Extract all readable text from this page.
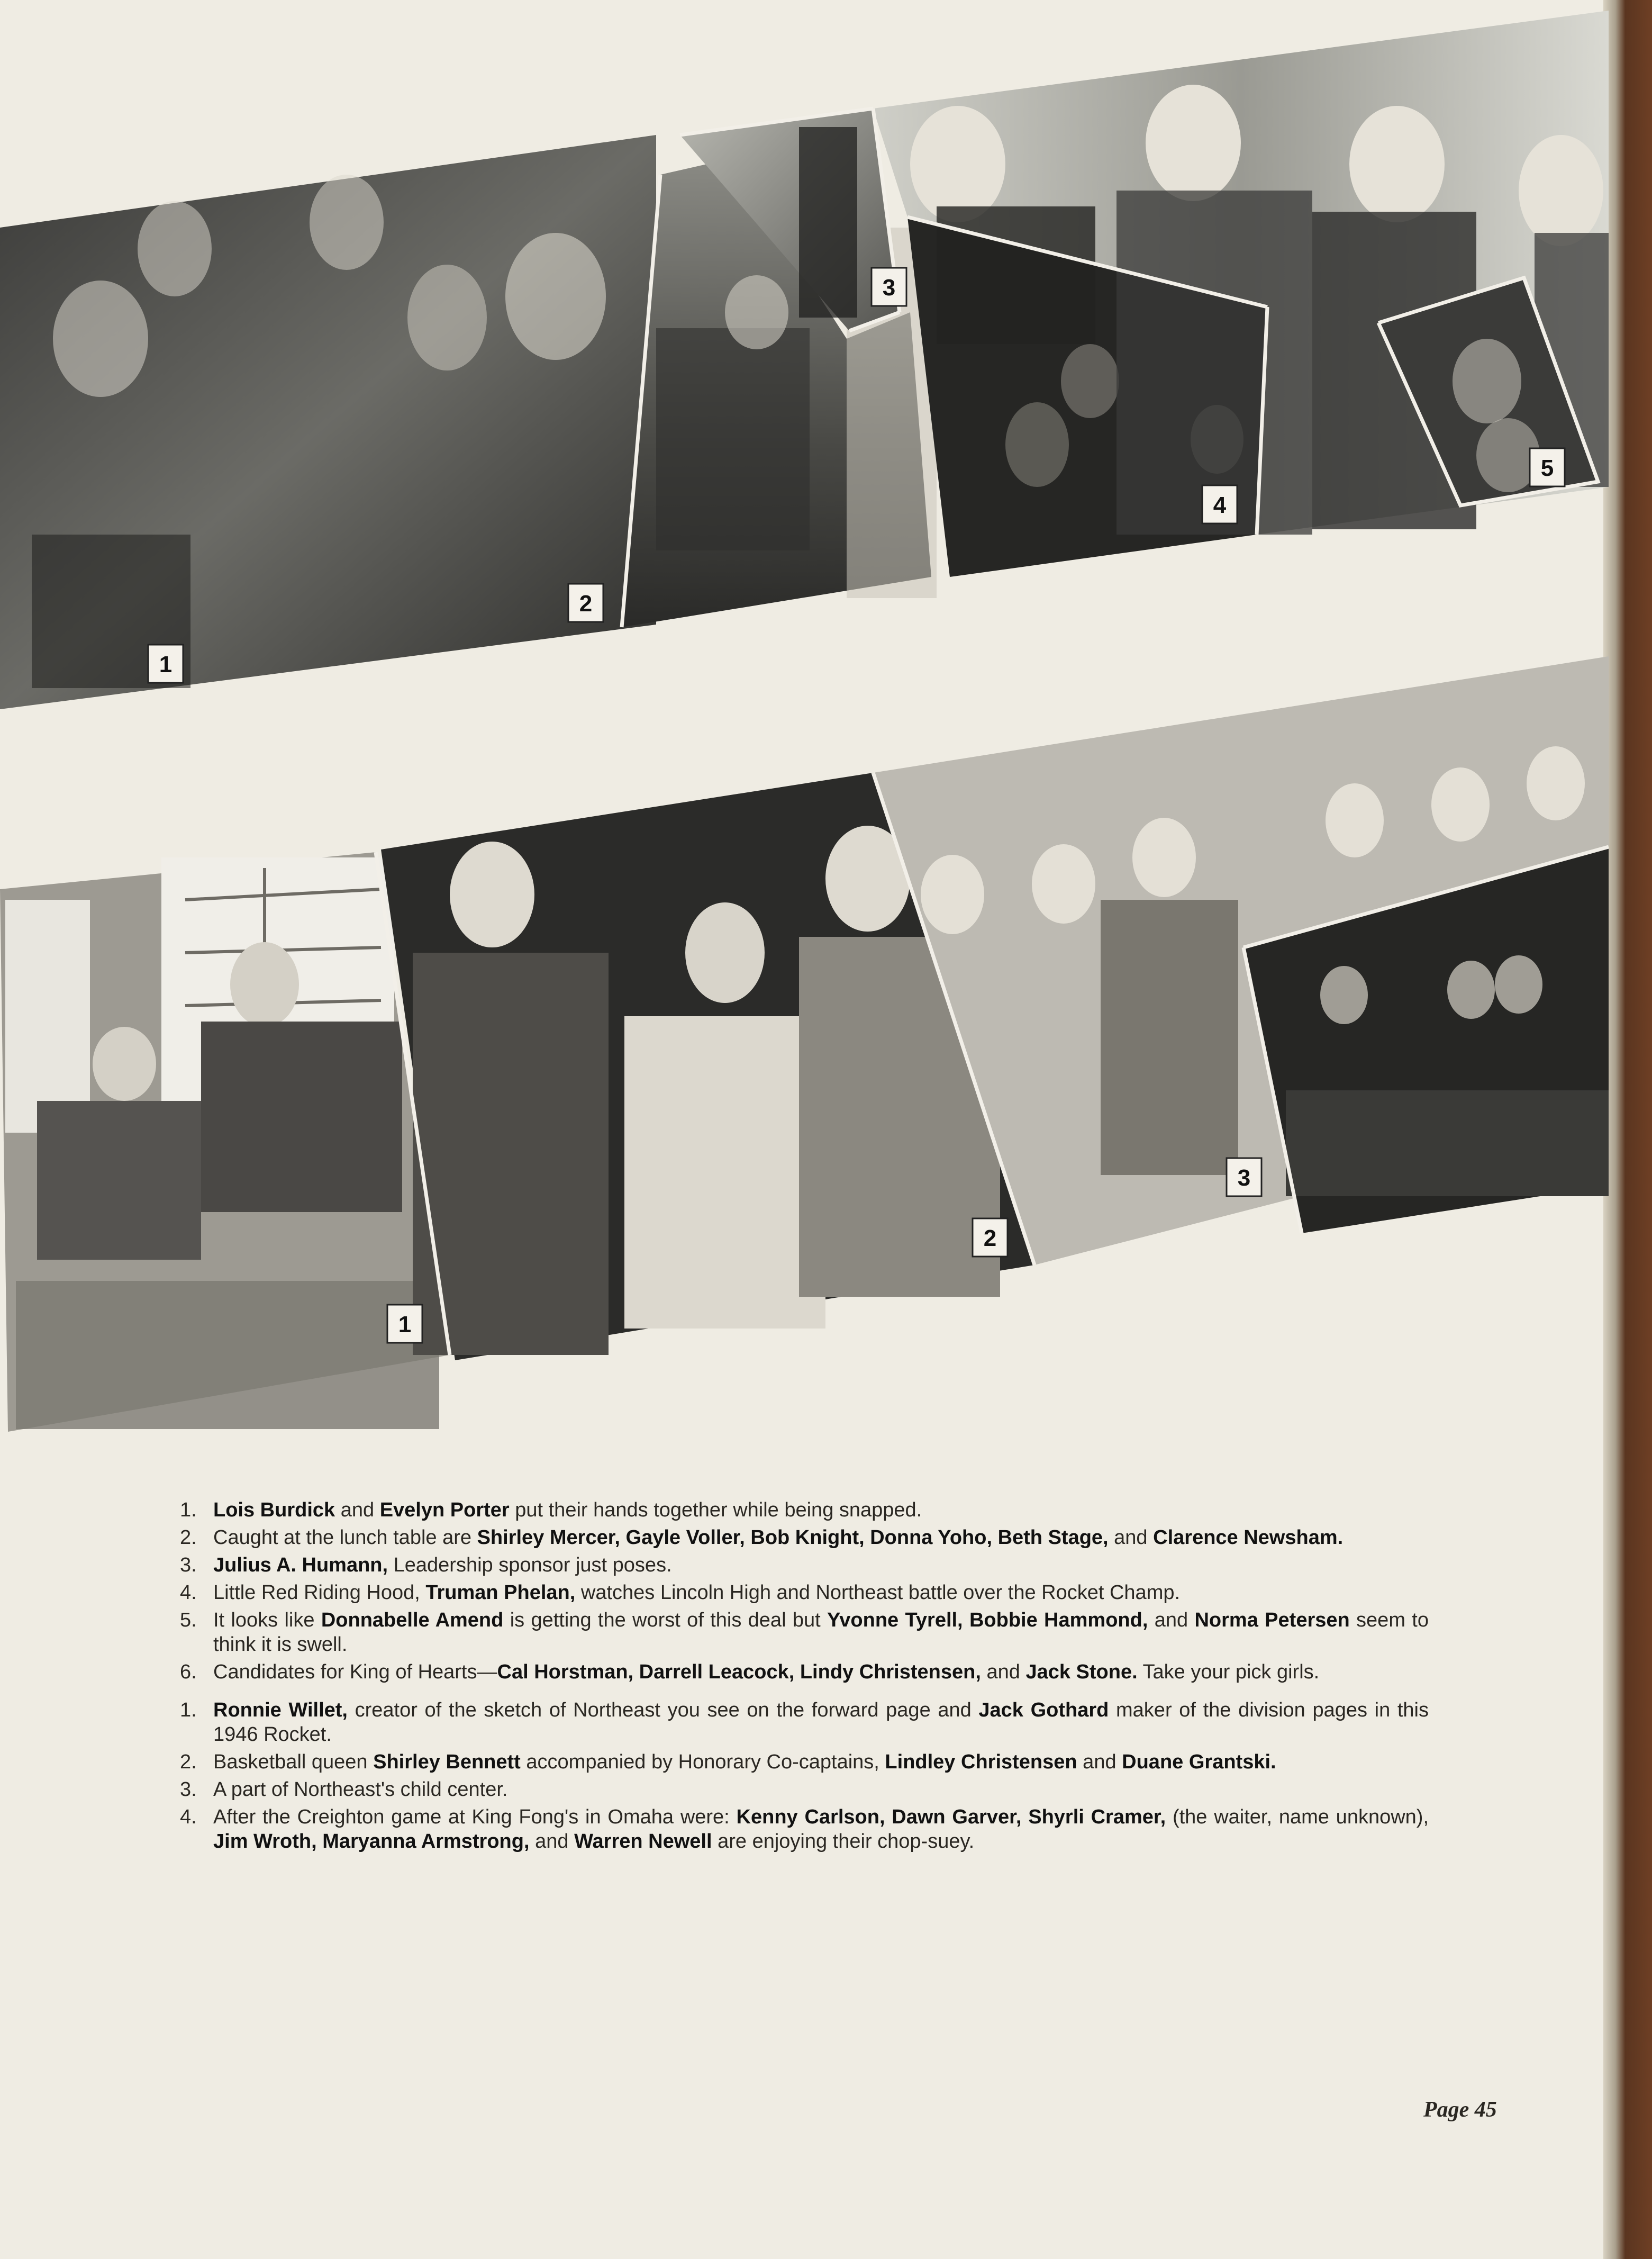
1
2
3
4
5
1
2
3
1. Lois Burdick and Evelyn Porter put their hands together while being snapped.
2. Caught at the lunch table are Shirley Mercer, Gayle Voller, Bob Knight, Donna Yoho, Beth Stage, and Clarence Newsham.
3. Julius A. Humann, Leadership sponsor just poses.
4. Little Red Riding Hood, Truman Phelan, watches Lincoln High and Northeast battle over the Rocket Champ.
5. It looks like Donnabelle Amend is getting the worst of this deal but Yvonne Tyrell, Bobbie Hammond, and Norma Petersen seem to think it is swell.
6. Candidates for King of Hearts—Cal Horstman, Darrell Leacock, Lindy Christensen, and Jack Stone. Take your pick girls.
1. Ronnie Willet, creator of the sketch of Northeast you see on the forward page and Jack Gothard maker of the division pages in this 1946 Rocket.
2. Basketball queen Shirley Bennett accompanied by Honorary Co-captains, Lindley Christensen and Duane Grantski.
3. A part of Northeast's child center.
4. After the Creighton game at King Fong's in Omaha were: Kenny Carlson, Dawn Garver, Shyrli Cramer, (the waiter, name unknown), Jim Wroth, Maryanna Armstrong, and Warren Newell are enjoying their chop-suey.
Page 45
